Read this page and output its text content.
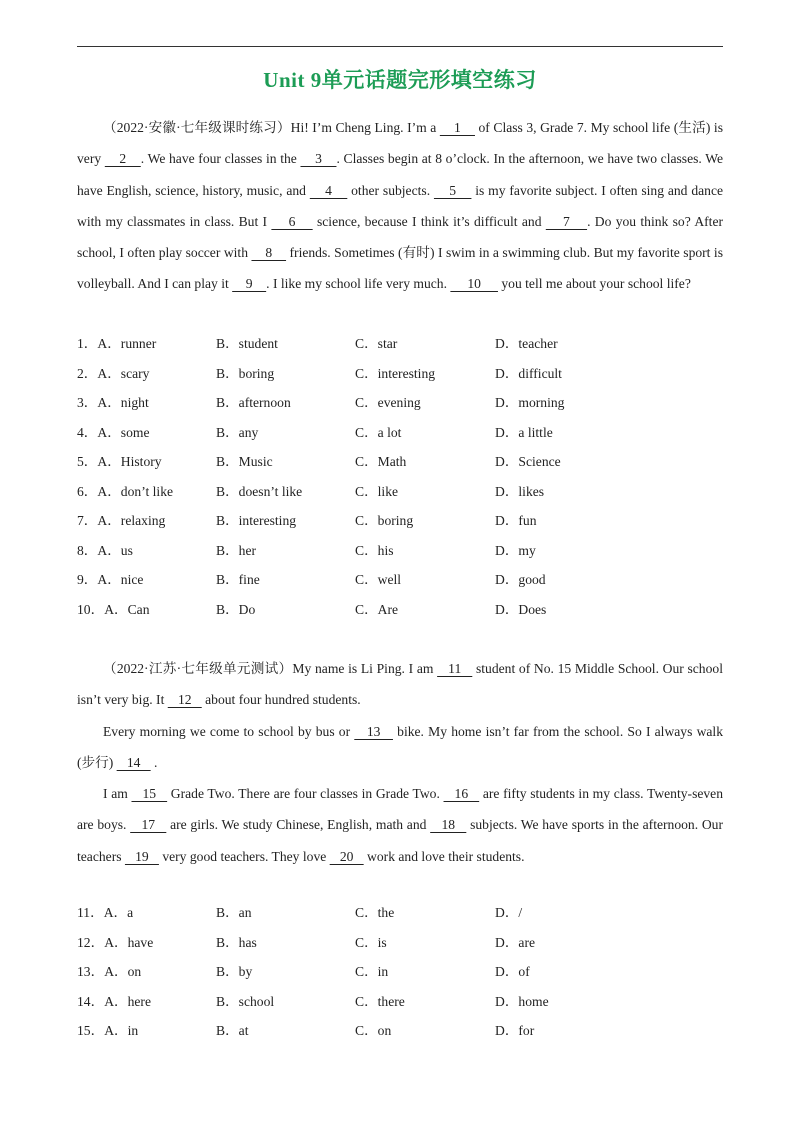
Unit 9单元话题完形填空练习

（2022·安徽·七年级课时练习）Hi! I’m Cheng Ling. I’m a     1     of Class 3, Grade 7. My school life (生活) is very     2    . We have four classes in the     3    . Classes begin at 8 o’clock. In the afternoon, we have two classes. We have English, science, history, music, and     4     other subjects.     5     is my favorite subject. I often sing and dance with my classmates in class. But I     6     science, because I think it’s difficult and     7    . Do you think so? After school, I often play soccer with     8     friends. Sometimes (有时) I swim in a swimming club. But my favorite sport is volleyball. And I can play it     9    . I like my school life very much.      10      you tell me about your school life?

1．A．runner	B．student	C．star	D．teacher
2．A．scary	B．boring	C．interesting	D．difficult
3．A．night	B．afternoon	C．evening	D．morning
4．A．some	B．any	C．a lot	D．a little
5．A．History	B．Music	C．Math	D．Science
6．A．don’t like	B．doesn’t like	C．like	D．likes
7．A．relaxing	B．interesting	C．boring	D．fun
8．A．us	B．her	C．his	D．my
9．A．nice	B．fine	C．well	D．good
10．A．Can	B．Do	C．Are	D．Does

（2022·江苏·七年级单元测试）My name is Li Ping. I am    11    student of No. 15 Middle School. Our school isn’t very big. It    12    about four hundred students.

Every morning we come to school by bus or    13    bike. My home isn’t far from the school. So I always walk (步行)    14    .

I am    15    Grade Two. There are four classes in Grade Two.    16    are fifty students in my class. Twenty-seven are boys.    17    are girls. We study Chinese, English, math and    18    subjects. We have sports in the afternoon. Our teachers    19    very good teachers. They love    20    work and love their students.

11．A．a	B．an	C．the	D．/
12．A．have	B．has	C．is	D．are
13．A．on	B．by	C．in	D．of
14．A．here	B．school	C．there	D．home
15．A．in	B．at	C．on	D．for
